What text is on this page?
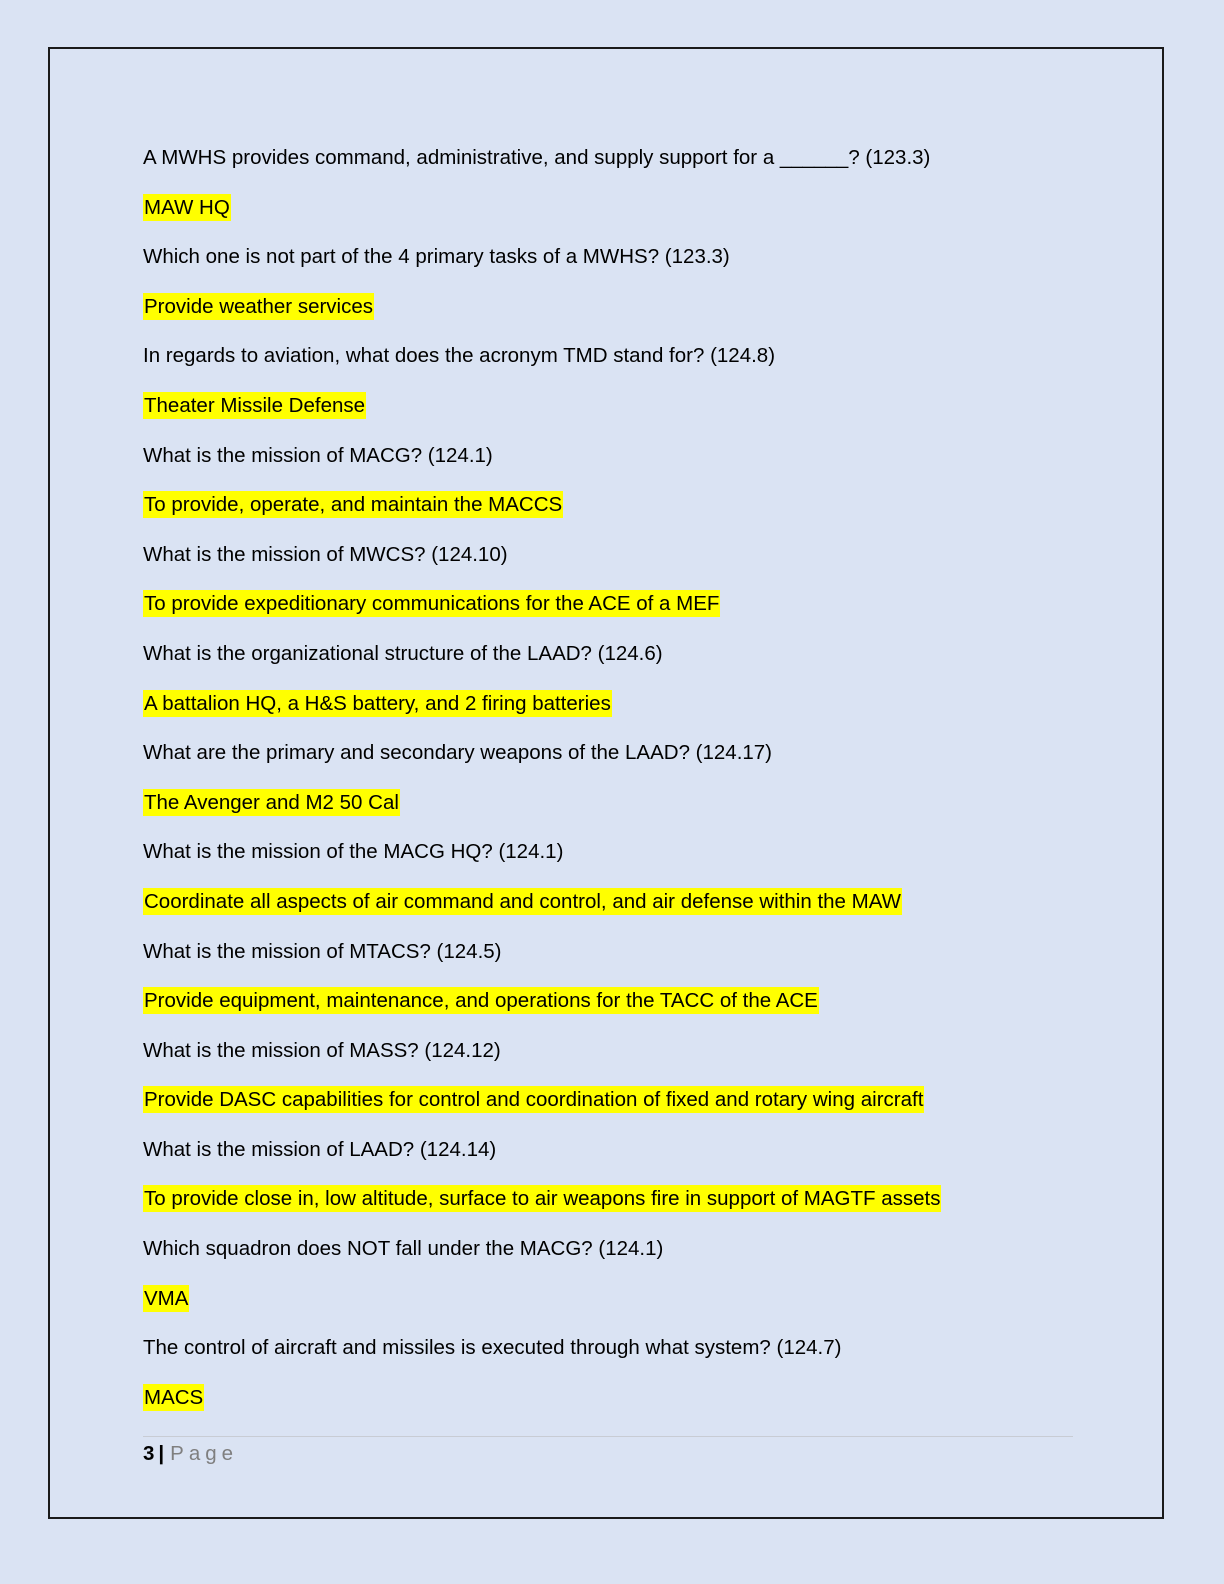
A MWHS provides command, administrative, and supply support for a ______? (123.3)

MAW HQ

Which one is not part of the 4 primary tasks of a MWHS? (123.3)

Provide weather services

In regards to aviation, what does the acronym TMD stand for? (124.8)

Theater Missile Defense

What is the mission of MACG? (124.1)

To provide, operate, and maintain the MACCS

What is the mission of MWCS? (124.10)

To provide expeditionary communications for the ACE of a MEF

What is the organizational structure of the LAAD? (124.6)

A battalion HQ, a H&S battery, and 2 firing batteries

What are the primary and secondary weapons of the LAAD? (124.17)

The Avenger and M2 50 Cal

What is the mission of the MACG HQ? (124.1)

Coordinate all aspects of air command and control, and air defense within the MAW

What is the mission of MTACS? (124.5)

Provide equipment, maintenance, and operations for the TACC of the ACE

What is the mission of MASS? (124.12)

Provide DASC capabilities for control and coordination of fixed and rotary wing aircraft

What is the mission of LAAD? (124.14)

To provide close in, low altitude, surface to air weapons fire in support of MAGTF assets

Which squadron does NOT fall under the MACG? (124.1)

VMA

The control of aircraft and missiles is executed through what system? (124.7)

MACS

3 | Page
